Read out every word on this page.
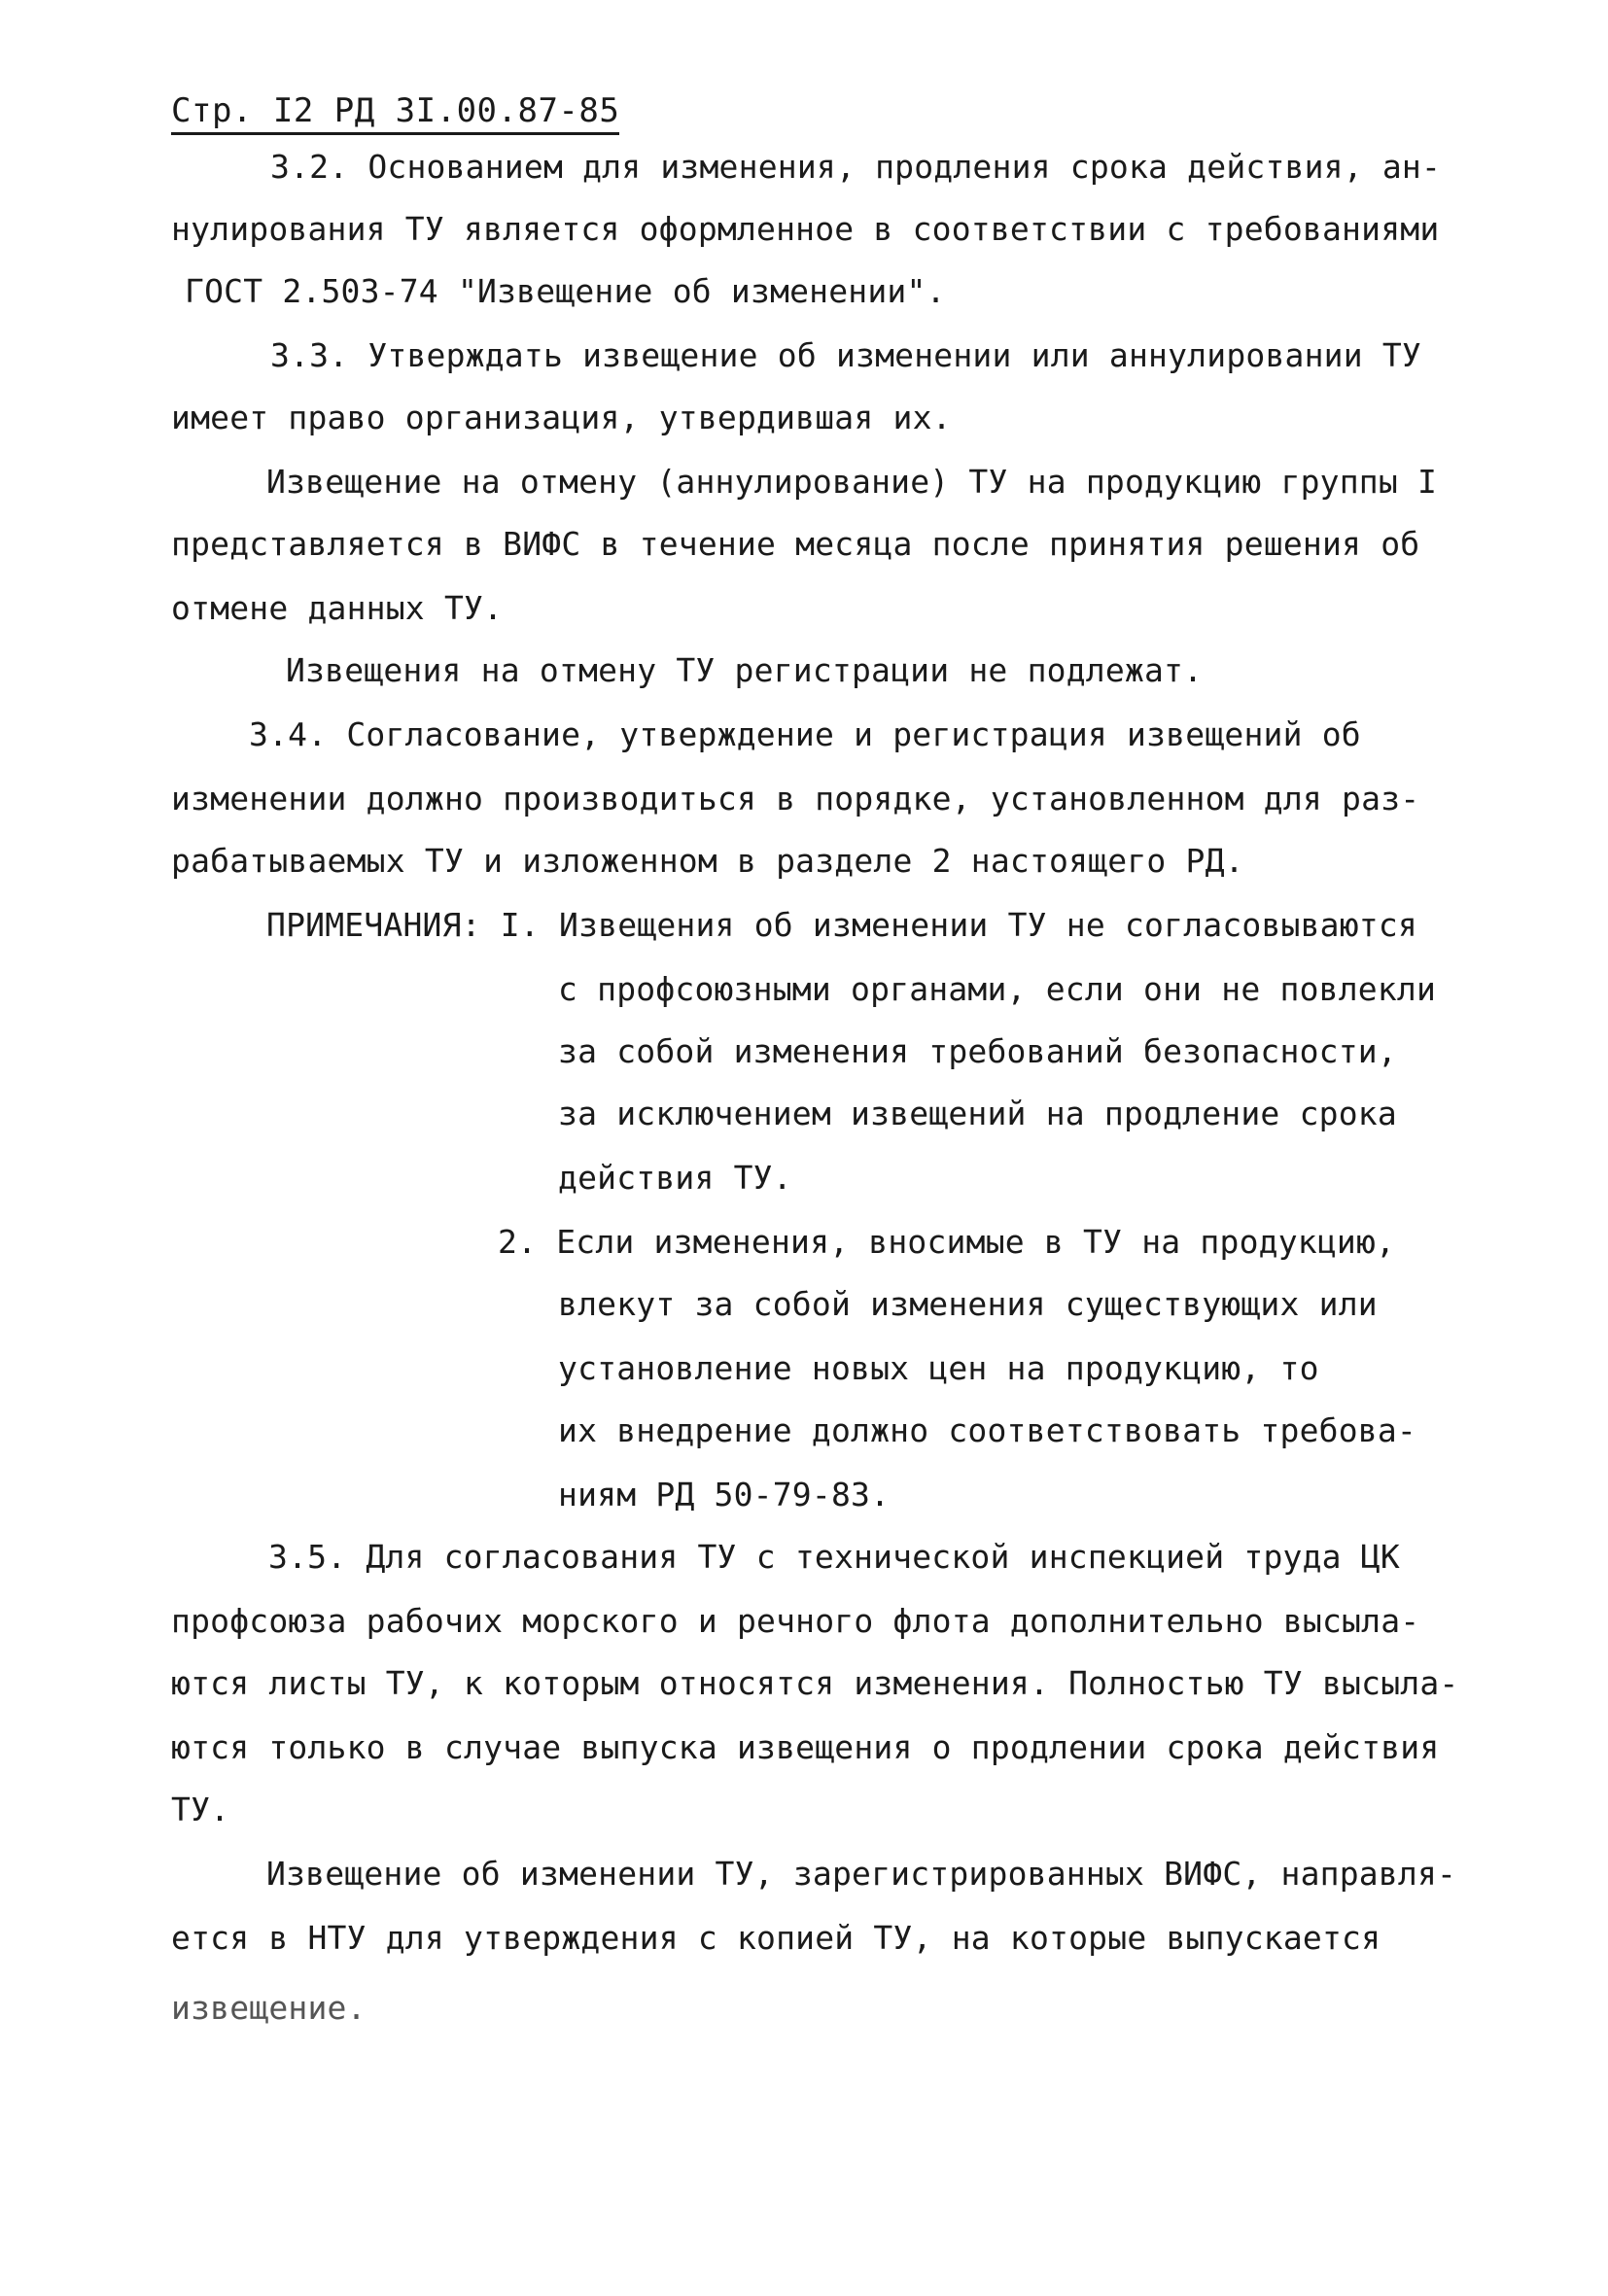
Стр. I2 РД 3I.00.87-85
3.2. Основанием для изменения, продления срока действия, ан-
нулирования ТУ является оформленное в соответствии с требованиями
ГОСТ 2.503-74 "Извещение об изменении".
3.3. Утверждать извещение об изменении или аннулировании ТУ
имеет право организация, утвердившая их.
Извещение на отмену (аннулирование) ТУ на продукцию группы I
представляется в ВИФС в течение месяца после принятия решения об
отмене данных ТУ.
Извещения на отмену ТУ регистрации не подлежат.
3.4. Согласование, утверждение и регистрация извещений об
изменении должно производиться в порядке, установленном для раз-
рабатываемых ТУ и изложенном в разделе 2 настоящего РД.
ПРИМЕЧАНИЯ: I. Извещения об изменении ТУ не согласовываются
с профсоюзными органами, если они не повлекли
за собой изменения требований безопасности,
за исключением извещений на продление срока
действия ТУ.
2. Если изменения, вносимые в ТУ на продукцию,
влекут за собой изменения существующих или
установление новых цен на продукцию, то
их внедрение должно соответствовать требова-
ниям РД 50-79-83.
3.5. Для согласования ТУ с технической инспекцией труда ЦК
профсоюза рабочих морского и речного флота дополнительно высыла-
ются листы ТУ, к которым относятся изменения. Полностью ТУ высыла-
ются только в случае выпуска извещения о продлении срока действия
ТУ.
Извещение об изменении ТУ, зарегистрированных ВИФС, направля-
ется в НТУ для утверждения с копией ТУ, на которые выпускается
извещение.
